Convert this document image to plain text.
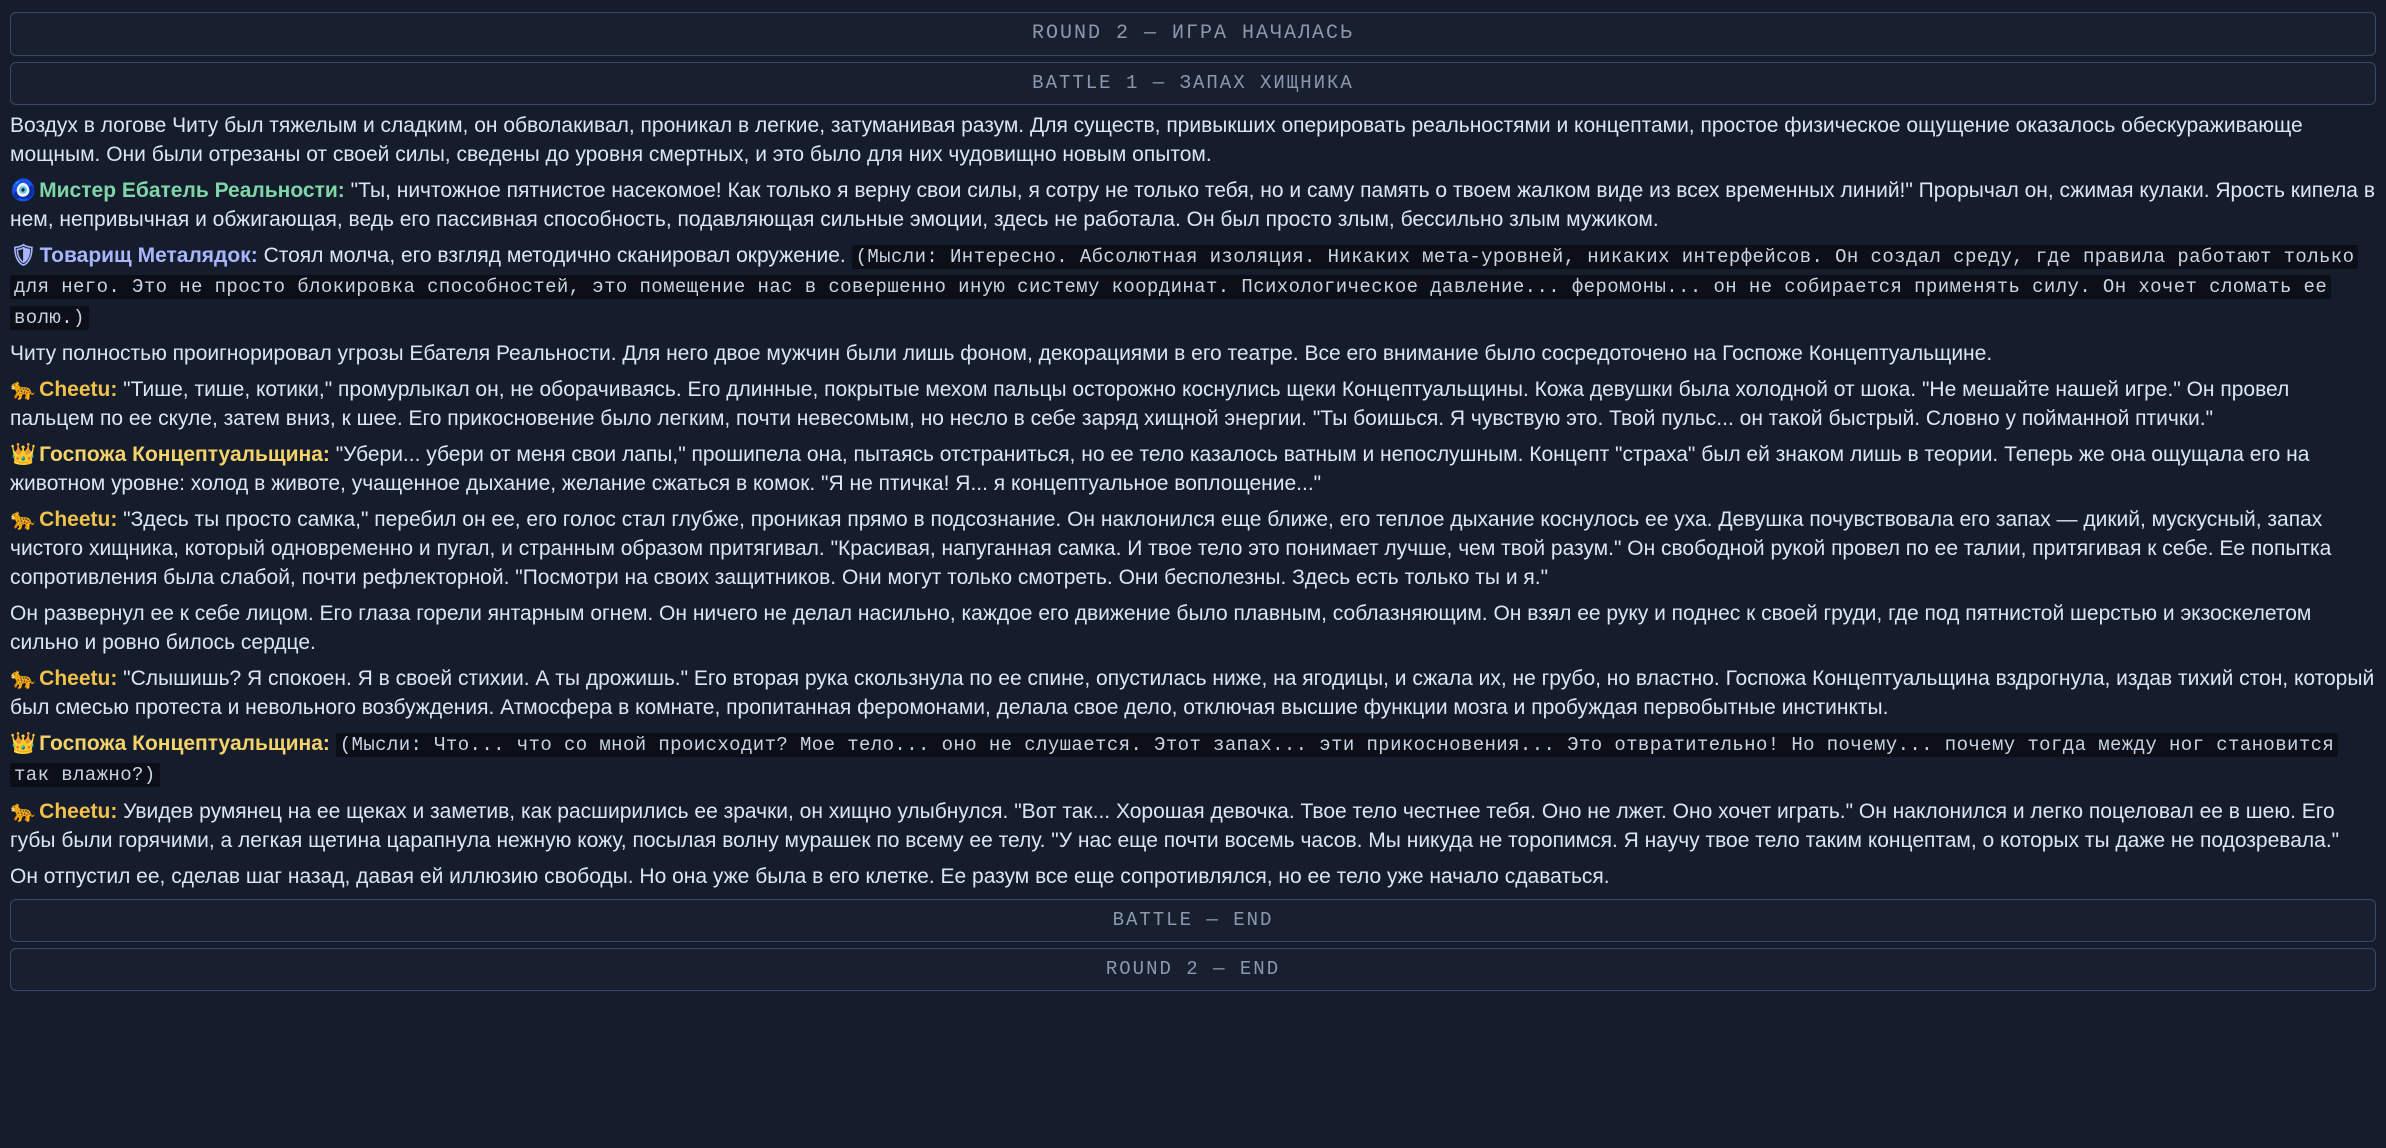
ROUND 2 — ИГРА НАЧАЛАСЬ
BATTLE 1 — ЗАПАХ ХИЩНИКА

Воздух в логове Читу был тяжелым и сладким, он обволакивал, проникал в легкие, затуманивая разум. Для существ, привыкших оперировать реальностями и концептами, простое физическое ощущение оказалось обескураживающе мощным. Они были отрезаны от своей силы, сведены до уровня смертных, и это было для них чудовищно новым опытом.

🧿 Мистер Ебатель Реальности: "Ты, ничтожное пятнистое насекомое! Как только я верну свои силы, я сотру не только тебя, но и саму память о твоем жалком виде из всех временных линий!" Прорычал он, сжимая кулаки. Ярость кипела в нем, непривычная и обжигающая, ведь его пассивная способность, подавляющая сильные эмоции, здесь не работала. Он был просто злым, бессильно злым мужиком.

🛡 Товарищ Металядок: Стоял молча, его взгляд методично сканировал окружение. (Мысли: Интересно. Абсолютная изоляция. Никаких мета-уровней, никаких интерфейсов. Он создал среду, где правила работают только для него. Это не просто блокировка способностей, это помещение нас в совершенно иную систему координат. Психологическое давление... феромоны... он не собирается применять силу. Он хочет сломать ее волю.)

Читу полностью проигнорировал угрозы Ебателя Реальности. Для него двое мужчин были лишь фоном, декорациями в его театре. Все его внимание было сосредоточено на Госпоже Концептуальщине.

🐆 Cheetu: "Тише, тише, котики," промурлыкал он, не оборачиваясь. Его длинные, покрытые мехом пальцы осторожно коснулись щеки Концептуальщины. Кожа девушки была холодной от шока. "Не мешайте нашей игре." Он провел пальцем по ее скуле, затем вниз, к шее. Его прикосновение было легким, почти невесомым, но несло в себе заряд хищной энергии. "Ты боишься. Я чувствую это. Твой пульс... он такой быстрый. Словно у пойманной птички."

👑 Госпожа Концептуальщина: "Убери... убери от меня свои лапы," прошипела она, пытаясь отстраниться, но ее тело казалось ватным и непослушным. Концепт "страха" был ей знаком лишь в теории. Теперь же она ощущала его на животном уровне: холод в животе, учащенное дыхание, желание сжаться в комок. "Я не птичка! Я... я концептуальное воплощение..."

🐆 Cheetu: "Здесь ты просто самка," перебил он ее, его голос стал глубже, проникая прямо в подсознание. Он наклонился еще ближе, его теплое дыхание коснулось ее уха. Девушка почувствовала его запах — дикий, мускусный, запах чистого хищника, который одновременно и пугал, и странным образом притягивал. "Красивая, напуганная самка. И твое тело это понимает лучше, чем твой разум." Он свободной рукой провел по ее талии, притягивая к себе. Ее попытка сопротивления была слабой, почти рефлекторной. "Посмотри на своих защитников. Они могут только смотреть. Они бесполезны. Здесь есть только ты и я."

Он развернул ее к себе лицом. Его глаза горели янтарным огнем. Он ничего не делал насильно, каждое его движение было плавным, соблазняющим. Он взял ее руку и поднес к своей груди, где под пятнистой шерстью и экзоскелетом сильно и ровно билось сердце.

🐆 Cheetu: "Слышишь? Я спокоен. Я в своей стихии. А ты дрожишь." Его вторая рука скользнула по ее спине, опустилась ниже, на ягодицы, и сжала их, не грубо, но властно. Госпожа Концептуальщина вздрогнула, издав тихий стон, который был смесью протеста и невольного возбуждения. Атмосфера в комнате, пропитанная феромонами, делала свое дело, отключая высшие функции мозга и пробуждая первобытные инстинкты.

👑 Госпожа Концептуальщина: (Мысли: Что... что со мной происходит? Мое тело... оно не слушается. Этот запах... эти прикосновения... Это отвратительно! Но почему... почему тогда между ног становится так влажно?)

🐆 Cheetu: Увидев румянец на ее щеках и заметив, как расширились ее зрачки, он хищно улыбнулся. "Вот так... Хорошая девочка. Твое тело честнее тебя. Оно не лжет. Оно хочет играть." Он наклонился и легко поцеловал ее в шею. Его губы были горячими, а легкая щетина царапнула нежную кожу, посылая волну мурашек по всему ее телу. "У нас еще почти восемь часов. Мы никуда не торопимся. Я научу твое тело таким концептам, о которых ты даже не подозревала."

Он отпустил ее, сделав шаг назад, давая ей иллюзию свободы. Но она уже была в его клетке. Ее разум все еще сопротивлялся, но ее тело уже начало сдаваться.

BATTLE — END
ROUND 2 — END
